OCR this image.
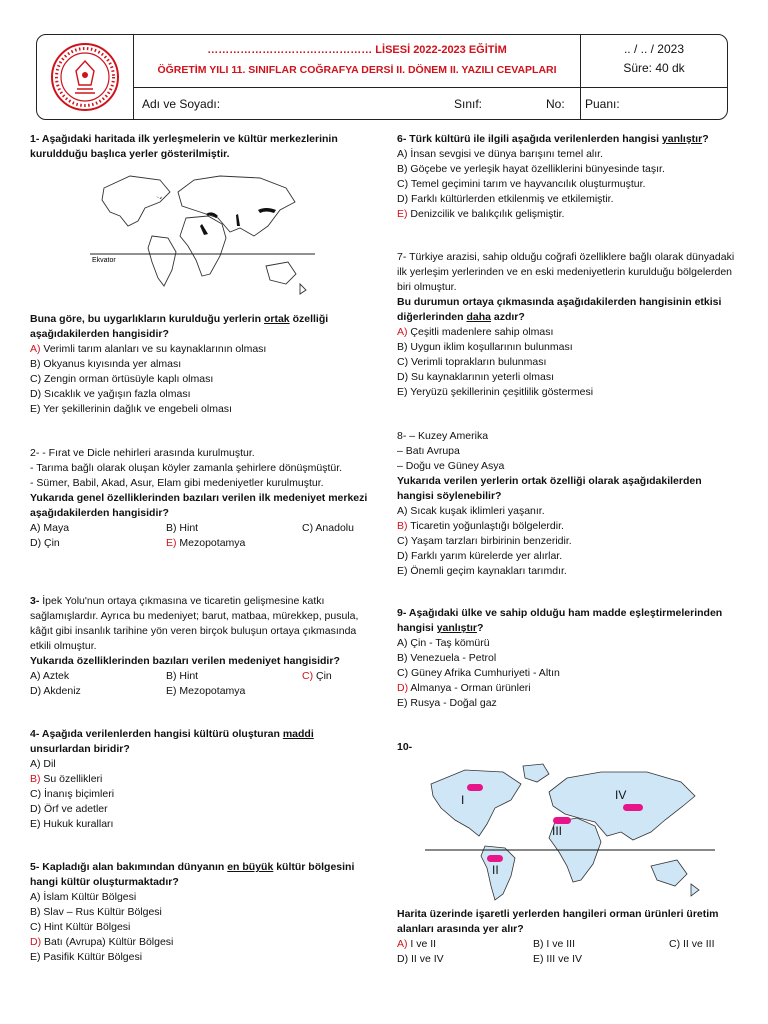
……………………………………… LİSESİ 2022-2023 EĞİTİM
ÖĞRETİM YILI 11. SINIFLAR COĞRAFYA DERSİ II. DÖNEM II. YAZILI CEVAPLARI
.. / .. / 2023
Süre: 40 dk
Adı ve Soyadı:	Sınıf:	No: Puanı:
1- Aşağıdaki haritada ilk yerleşmelerin ve kültür merkezlerinin kuruldduğu başlıca yerler gösterilmiştir.
Ekvator
Buna göre, bu uygarlıkların kurulduğu yerlerin ortak özelliği aşağıdakilerden hangisidir?
A) Verimli tarım alanları ve su kaynaklarının olması
B) Okyanus kıyısında yer alması
C) Zengin orman örtüsüyle kaplı olması
D) Sıcaklık ve yağışın fazla olması
E) Yer şekillerinin dağlık ve engebeli olması
2- - Fırat ve Dicle nehirleri arasında kurulmuştur.
- Tarıma bağlı olarak oluşan köyler zamanla şehirlere dönüşmüştür.
- Sümer, Babil, Akad, Asur, Elam gibi medeniyetler kurulmuştur.
Yukarıda genel özelliklerinden bazıları verilen ilk medeniyet merkezi aşağıdakilerden hangisidir?
A) Maya	B) Hint	C) Anadolu
D) Çin	E) Mezopotamya
3- İpek Yolu'nun ortaya çıkmasına ve ticaretin gelişmesine katkı sağlamışlardır. Ayrıca bu medeniyet; barut, matbaa, mürekkep, pusula, kâğıt gibi insanlık tarihine yön veren birçok buluşun ortaya çıkmasında etkili olmuştur.
Yukarıda özelliklerinden bazıları verilen medeniyet hangisidir?
A) Aztek	B) Hint	C) Çin
D) Akdeniz	E) Mezopotamya
4- Aşağıda verilenlerden hangisi kültürü oluşturan maddi unsurlardan biridir?
A) Dil
B) Su özellikleri
C) İnanış biçimleri
D) Örf ve adetler
E) Hukuk kuralları
5- Kapladığı alan bakımından dünyanın en büyük kültür bölgesini hangi kültür oluşturmaktadır?
A) İslam Kültür Bölgesi
B) Slav – Rus Kültür Bölgesi
C) Hint Kültür Bölgesi
D) Batı (Avrupa) Kültür Bölgesi
E) Pasifik Kültür Bölgesi
6- Türk kültürü ile ilgili aşağıda verilenlerden hangisi yanlıştır?
A) İnsan sevgisi ve dünya barışını temel alır.
B) Göçebe ve yerleşik hayat özelliklerini bünyesinde taşır.
C) Temel geçimini tarım ve hayvancılık oluşturmuştur.
D) Farklı kültürlerden etkilenmiş ve etkilemiştir.
E) Denizcilik ve balıkçılık gelişmiştir.
7- Türkiye arazisi, sahip olduğu coğrafi özelliklere bağlı olarak dünyadaki ilk yerleşim yerlerinden ve en eski medeniyetlerin kurulduğu bölgelerden biri olmuştur.
Bu durumun ortaya çıkmasında aşağıdakilerden hangisinin etkisi diğerlerinden daha azdır?
A) Çeşitli madenlere sahip olması
B) Uygun iklim koşullarının bulunması
C) Verimli toprakların bulunması
D) Su kaynaklarının yeterli olması
E) Yeryüzü şekillerinin çeşitlilik göstermesi
8- – Kuzey Amerika
– Batı Avrupa
– Doğu ve Güney Asya
Yukarıda verilen yerlerin ortak özelliği olarak aşağıdakilerden hangisi söylenebilir?
A) Sıcak kuşak iklimleri yaşanır.
B) Ticaretin yoğunlaştığı bölgelerdir.
C) Yaşam tarzları birbirinin benzeridir.
D) Farklı yarım kürelerde yer alırlar.
E) Önemli geçim kaynakları tarımdır.
9- Aşağıdaki ülke ve sahip olduğu ham madde eşleştirmelerinden hangisi yanlıştır?
A) Çin - Taş kömürü
B) Venezuela - Petrol
C) Güney Afrika Cumhuriyeti - Altın
D) Almanya - Orman ürünleri
E) Rusya - Doğal gaz
10-
I
II
III
IV
Harita üzerinde işaretli yerlerden hangileri orman ürünleri üretim alanları arasında yer alır?
A) I ve II	B) I ve III	C) II ve III
D) II ve IV	E) III ve IV
